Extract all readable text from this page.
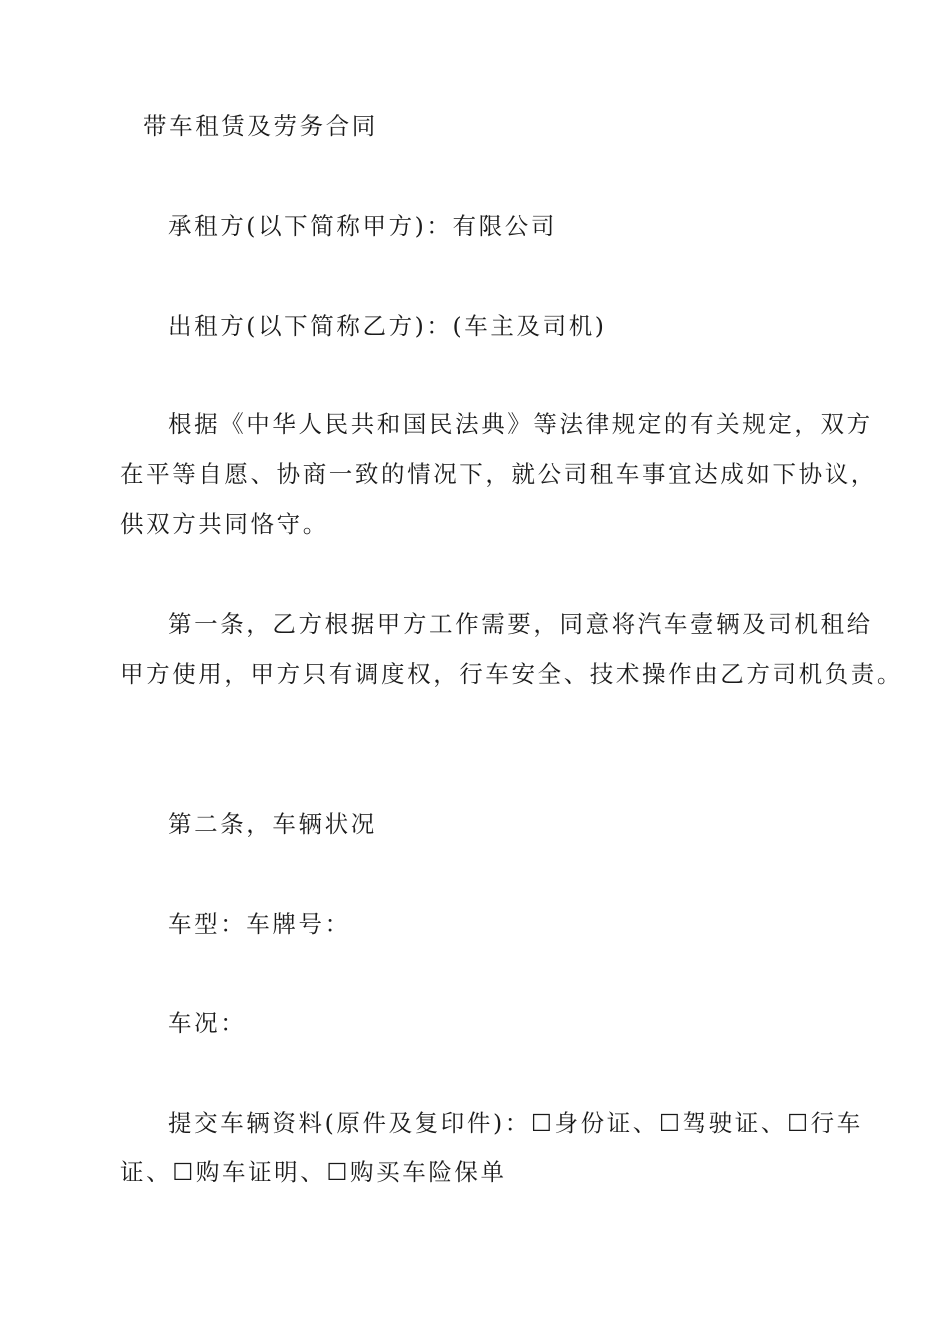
带车租赁及劳务合同

承租方(以下简称甲方)：有限公司

出租方(以下简称乙方)：(车主及司机)

根据《中华人民共和国民法典》等法律规定的有关规定，双方

在平等自愿、协商一致的情况下，就公司租车事宜达成如下协议，

供双方共同恪守。

第一条，乙方根据甲方工作需要，同意将汽车壹辆及司机租给

甲方使用，甲方只有调度权，行车安全、技术操作由乙方司机负责。

第二条，车辆状况

车型：车牌号：

车况：

提交车辆资料(原件及复印件)：☐身份证、☐驾驶证、☐行车

证、☐购车证明、☐购买车险保单
